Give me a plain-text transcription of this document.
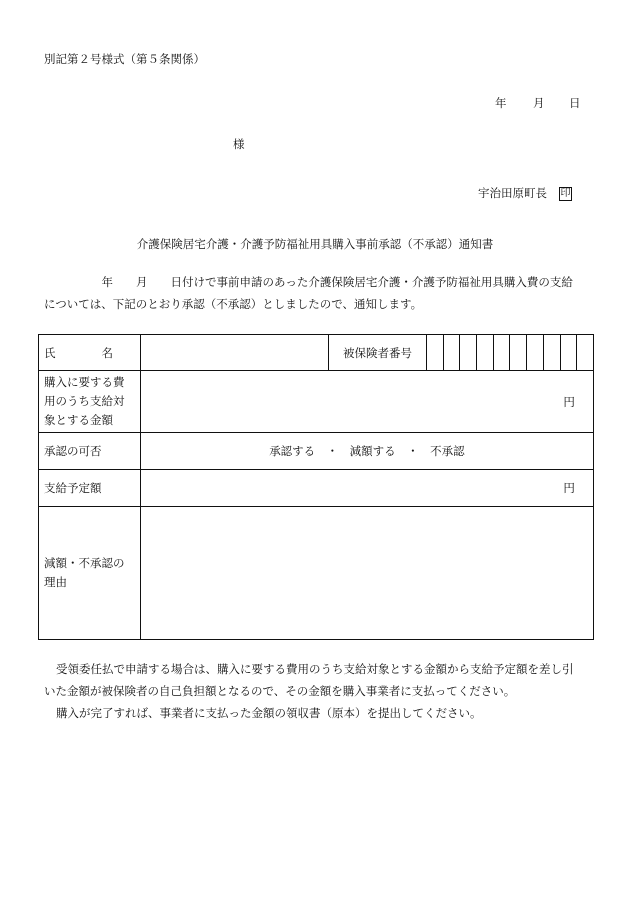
別記第２号様式（第５条関係）
年 月 日
様
宇治田原町長 印
介護保険居宅介護・介護予防福祉用具購入事前承認（不承認）通知書
　　　　　年　　月　　日付けで事前申請のあった介護保険居宅介護・介護予防福祉用具購入費の支給については、下記のとおり承認（不承認）としましたので、通知します。
氏　　　　名		被保険者番号										
購入に要する費用のうち支給対象とする金額	円											
承認の可否	承認する　・　減額する　・　不承認											
支給予定額	円											
減額・不承認の理由												
受領委任払で申請する場合は、購入に要する費用のうち支給対象とする金額から支給予定額を差し引いた金額が被保険者の自己負担額となるので、その金額を購入事業者に支払ってください。
購入が完了すれば、事業者に支払った金額の領収書（原本）を提出してください。
